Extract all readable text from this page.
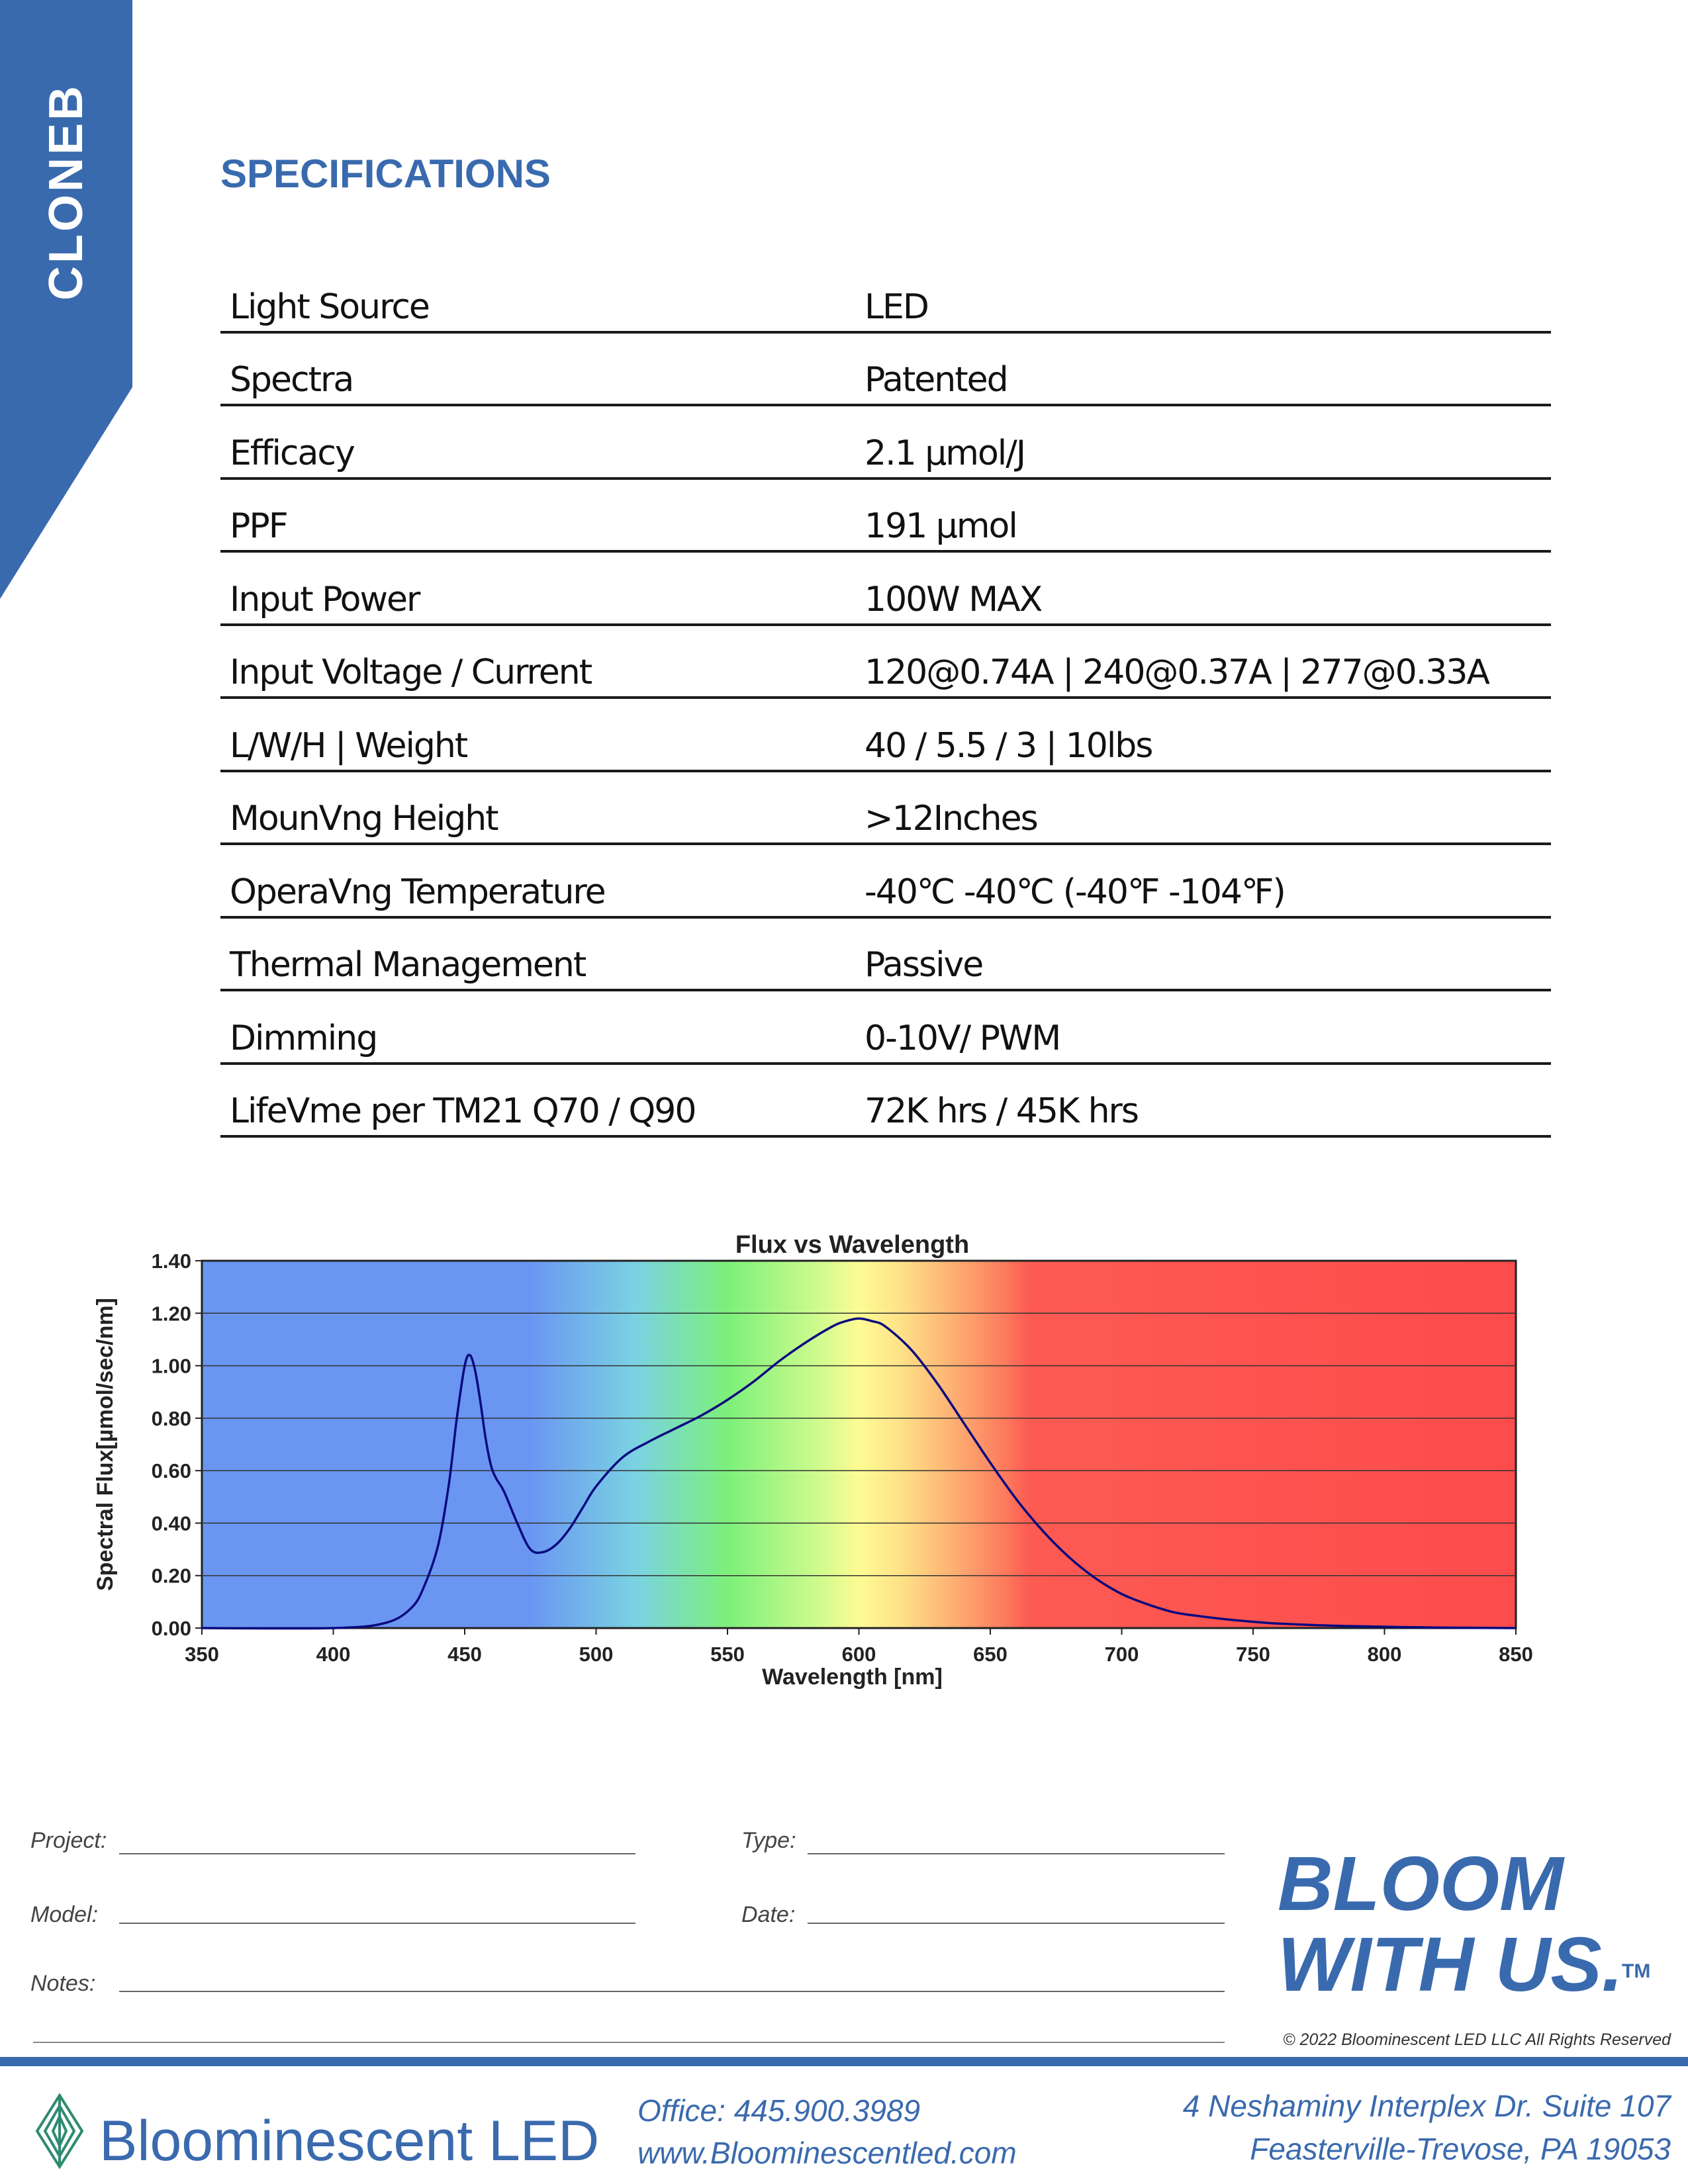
CLONEB	SPECIFICATIONS
Light Source	LED
Spectra	Patented
Efficacy	2.1 µmol/J
PPF	191 µmol
Input Power	100W MAX
Input Voltage / Current	120@0.74A | 240@0.37A | 277@0.33A
L/W/H | Weight	40 / 5.5 / 3 | 10lbs
MounVng Height	>12Inches
OperaVng Temperature	-40℃ -40℃ (-40℉ -104℉)
Thermal Management	Passive
Dimming	0-10V/ PWM
LifeVme per TM21 Q70 / Q90	72K hrs / 45K hrs
0.00
0.20
0.40
0.60
0.80
1.00
1.20
1.40
350	400	450	500	550	600	650	700	750	800	850
Flux vs Wavelength
Wavelength [nm]
Spectral Flux[µmol/sec/nm]
Project:	Type:
Model:	Date:
Notes:
BLOOM
WITH US.
TM
© 2022 Bloominescent LED LLC All Rights Reserved
Bloominescent LED Office: 445.900.3989
www.Bloominescentled.com
4 Neshaminy Interplex Dr. Suite 107
Feasterville-Trevose, PA 19053
